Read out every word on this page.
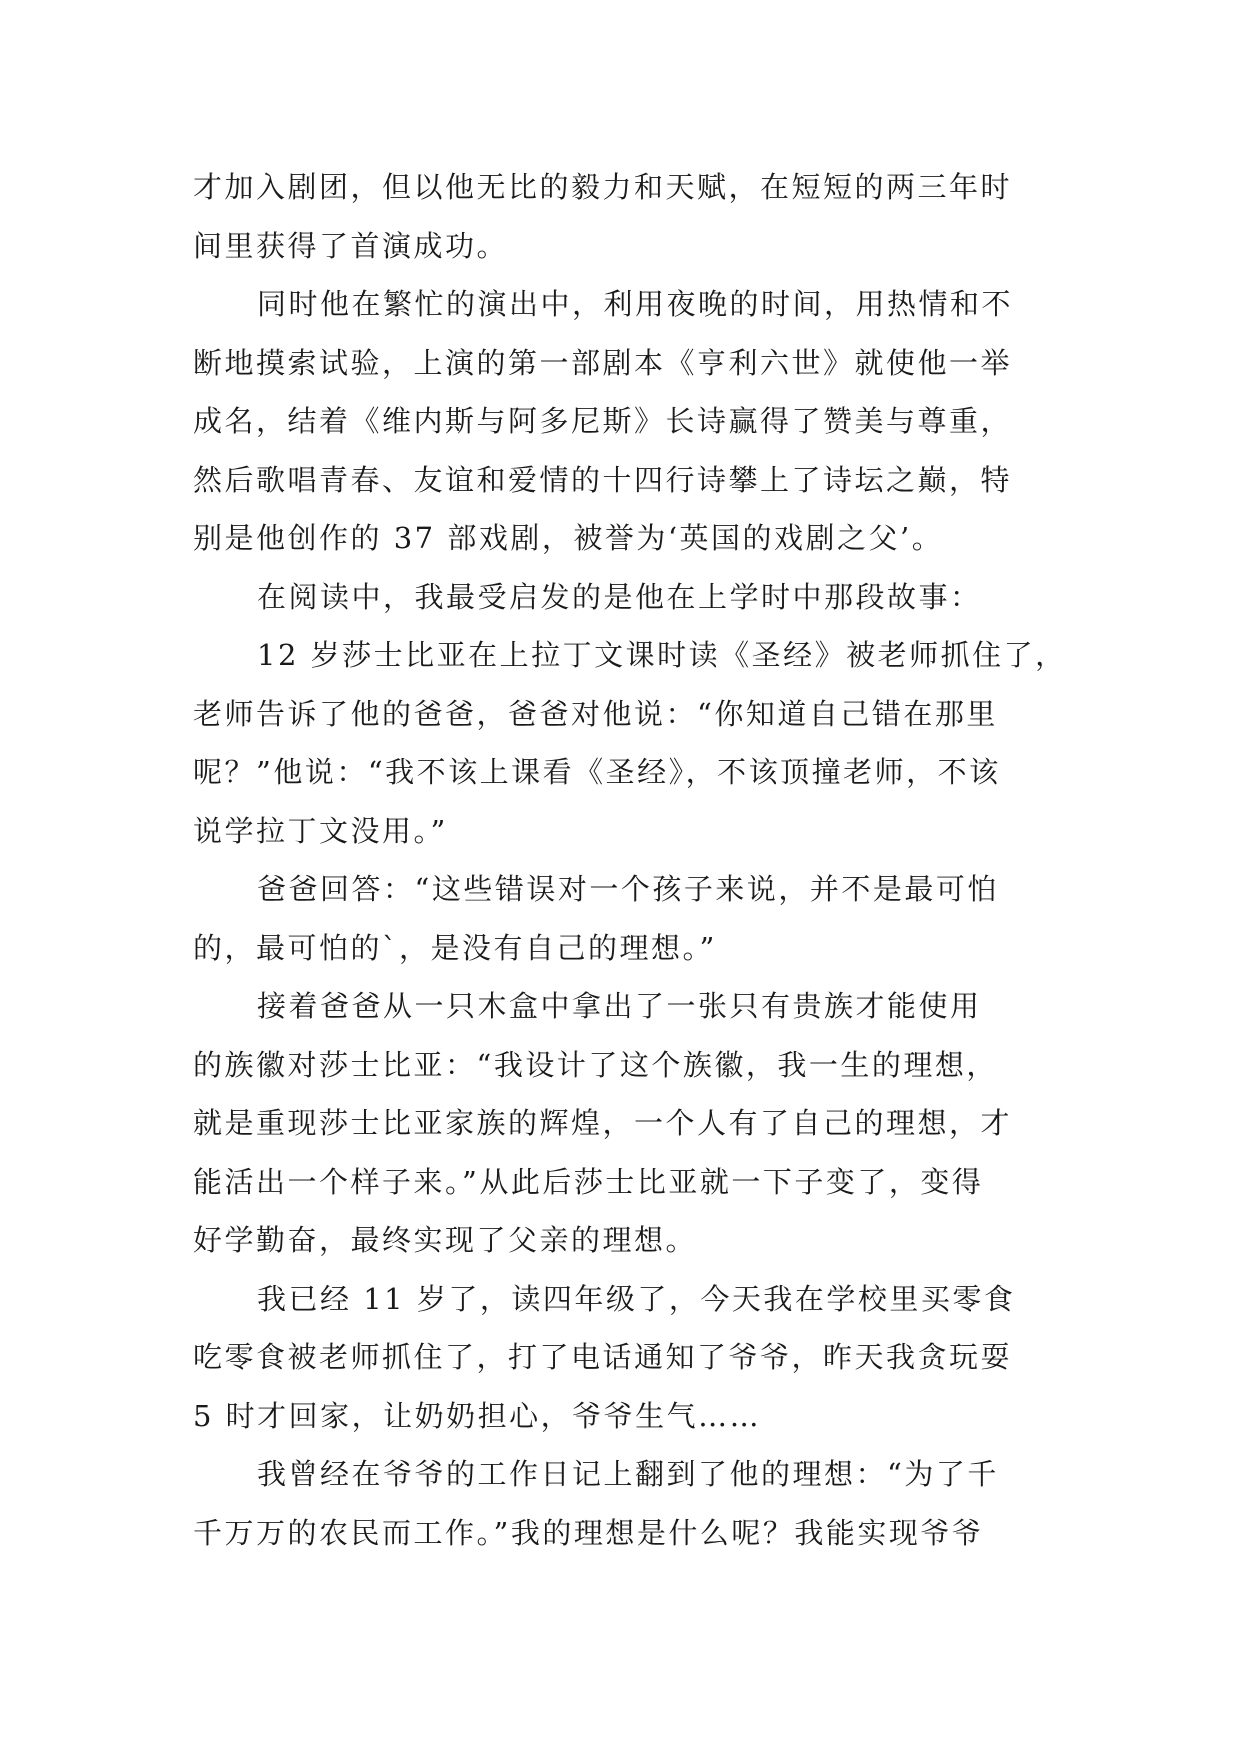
才加入剧团，但以他无比的毅力和天赋，在短短的两三年时

间里获得了首演成功。

同时他在繁忙的演出中，利用夜晚的时间，用热情和不

断地摸索试验，上演的第一部剧本《亨利六世》就使他一举

成名，结着《维内斯与阿多尼斯》长诗赢得了赞美与尊重，

然后歌唱青春、友谊和爱情的十四行诗攀上了诗坛之巅，特

别是他创作的 37 部戏剧，被誉为‘英国的戏剧之父’。

在阅读中，我最受启发的是他在上学时中那段故事：

12 岁莎士比亚在上拉丁文课时读《圣经》被老师抓住了，

老师告诉了他的爸爸，爸爸对他说：“你知道自己错在那里

呢？”他说：“我不该上课看《圣经》，不该顶撞老师，不该

说学拉丁文没用。”

爸爸回答：“这些错误对一个孩子来说，并不是最可怕

的，最可怕的`，是没有自己的理想。”

接着爸爸从一只木盒中拿出了一张只有贵族才能使用

的族徽对莎士比亚：“我设计了这个族徽，我一生的理想，

就是重现莎士比亚家族的辉煌，一个人有了自己的理想，才

能活出一个样子来。”从此后莎士比亚就一下子变了，变得

好学勤奋，最终实现了父亲的理想。

我已经 11 岁了，读四年级了，今天我在学校里买零食

吃零食被老师抓住了，打了电话通知了爷爷，昨天我贪玩耍

5 时才回家，让奶奶担心，爷爷生气……

我曾经在爷爷的工作日记上翻到了他的理想：“为了千

千万万的农民而工作。”我的理想是什么呢？我能实现爷爷
